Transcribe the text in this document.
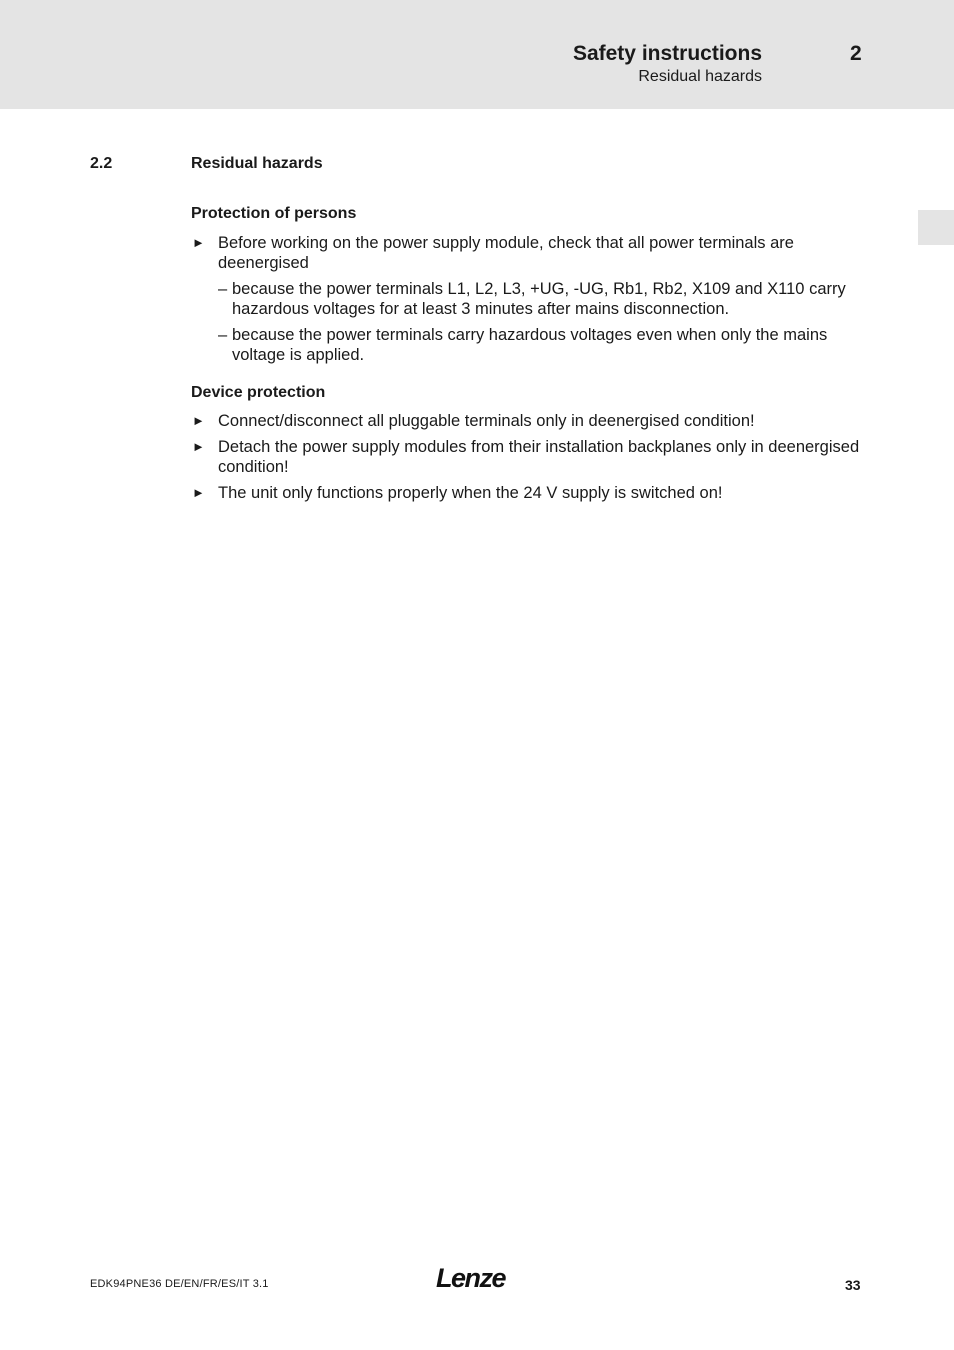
Safety instructions	2
Residual hazards
2.2	Residual hazards
Protection of persons
► Before working on the power supply module, check that all power terminals are deenergised
– because the power terminals L1, L2, L3, +UG, -UG, Rb1, Rb2, X109 and X110 carry hazardous voltages for at least 3 minutes after mains disconnection.
– because the power terminals carry hazardous voltages even when only the mains voltage is applied.
Device protection
► Connect/disconnect all pluggable terminals only in deenergised condition!
► Detach the power supply modules from their installation backplanes only in deenergised condition!
► The unit only functions properly when the 24 V supply is switched on!
EDK94PNE36 DE/EN/FR/ES/IT 3.1	Lenze	33
